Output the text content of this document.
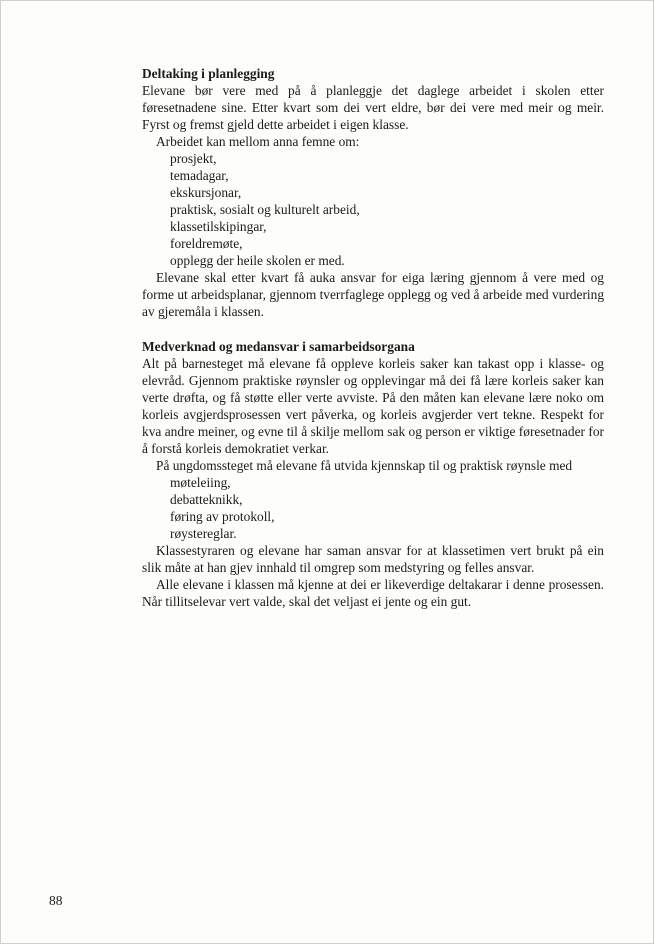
Deltaking i planlegging

Elevane bør vere med på å planleggje det daglege arbeidet i skolen etter føresetnadene sine. Etter kvart som dei vert eldre, bør dei vere med meir og meir. Fyrst og fremst gjeld dette arbeidet i eigen klasse.

Arbeidet kan mellom anna femne om:

prosjekt,
temadagar,
ekskursjonar,
praktisk, sosialt og kulturelt arbeid,
klassetilskipingar,
foreldremøte,
opplegg der heile skolen er med.

Elevane skal etter kvart få auka ansvar for eiga læring gjennom å vere med og forme ut arbeidsplanar, gjennom tverrfaglege opplegg og ved å arbeide med vurdering av gjeremåla i klassen.

Medverknad og medansvar i samarbeidsorgana

Alt på barnesteget må elevane få oppleve korleis saker kan takast opp i klasse- og elevråd. Gjennom praktiske røynsler og opplevingar må dei få lære korleis saker kan verte drøfta, og få støtte eller verte avviste. På den måten kan elevane lære noko om korleis avgjerdsprosessen vert påverka, og korleis avgjerder vert tekne. Respekt for kva andre meiner, og evne til å skilje mellom sak og person er viktige føresetnader for å forstå korleis demokratiet verkar.

På ungdomssteget må elevane få utvida kjennskap til og praktisk røynsle med

møteleiing,
debatteknikk,
føring av protokoll,
røystereglar.

Klassestyraren og elevane har saman ansvar for at klassetimen vert brukt på ein slik måte at han gjev innhald til omgrep som medstyring og felles ansvar.

Alle elevane i klassen må kjenne at dei er likeverdige deltakarar i denne prosessen. Når tillitselevar vert valde, skal det veljast ei jente og ein gut.

88
